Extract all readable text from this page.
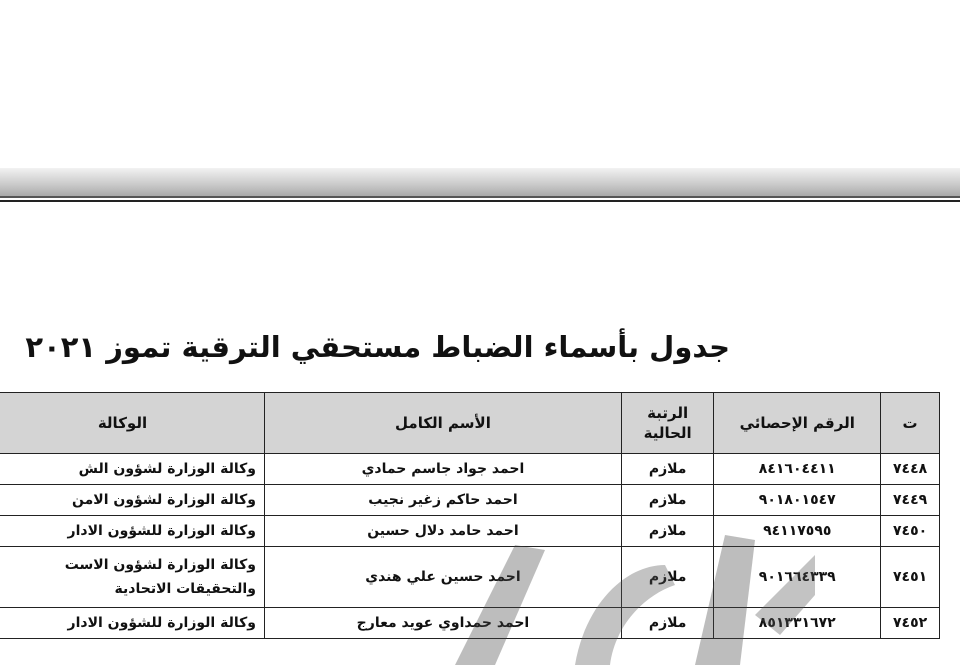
جدول بأسماء الضباط مستحقي الترقية تموز ٢٠٢١
ت	الرقم الإحصائي	الرتبة الحالية	الأسم الكامل	الوكالة
٧٤٤٨	٨٤١٦٠٤٤١١	ملازم	احمد جواد جاسم حمادي	وكالة الوزارة لشؤون الش
٧٤٤٩	٩٠١٨٠١٥٤٧	ملازم	احمد حاكم زغير نجيب	وكالة الوزارة لشؤون الامن
٧٤٥٠	٩٤١١٧٥٩٥	ملازم	احمد حامد دلال حسين	وكالة الوزارة للشؤون الادار
٧٤٥١	٩٠١٦٦٤٣٣٩	ملازم	احمد حسين علي هندي	وكالة الوزارة لشؤون الاست والتحقيقات الاتحادية
٧٤٥٢	٨٥١٣٣١٦٧٢	ملازم	احمد حمداوي عويد معارج	وكالة الوزارة للشؤون الادار
